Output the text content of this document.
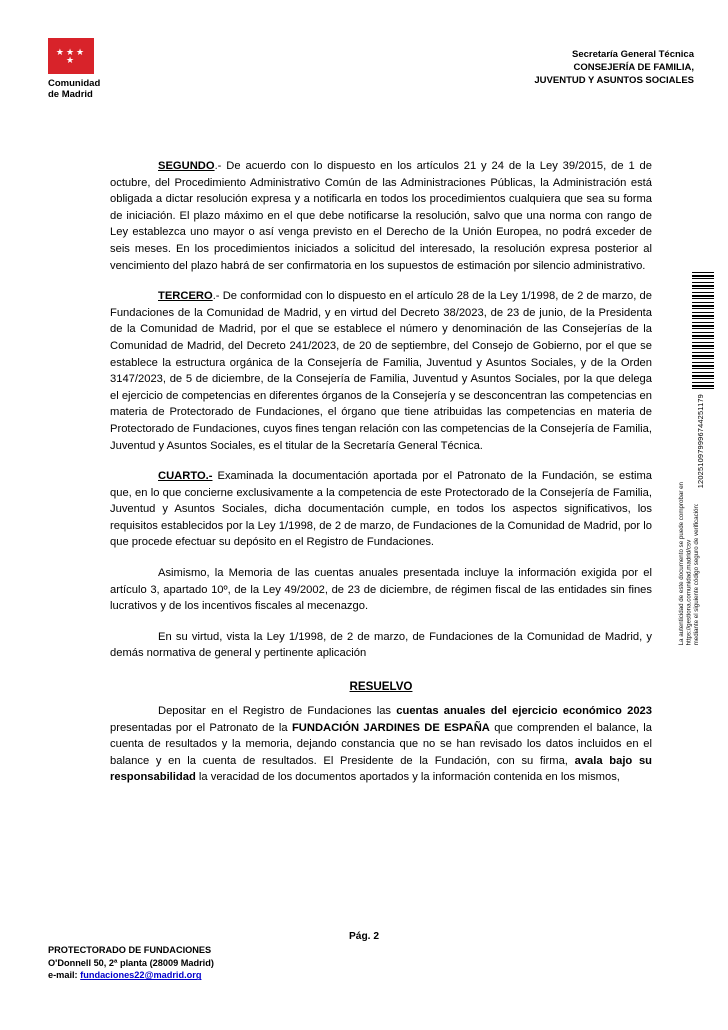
★★★
★
Comunidad
de Madrid
Secretaría General Técnica
CONSEJERÍA DE FAMILIA,
JUVENTUD Y ASUNTOS SOCIALES

SEGUNDO.- De acuerdo con lo dispuesto en los artículos 21 y 24 de la Ley 39/2015, de 1 de octubre, del Procedimiento Administrativo Común de las Administraciones Públicas, la Administración está obligada a dictar resolución expresa y a notificarla en todos los procedimientos cualquiera que sea su forma de iniciación. El plazo máximo en el que debe notificarse la resolución, salvo que una norma con rango de Ley establezca uno mayor o así venga previsto en el Derecho de la Unión Europea, no podrá exceder de seis meses. En los procedimientos iniciados a solicitud del interesado, la resolución expresa posterior al vencimiento del plazo habrá de ser confirmatoria en los supuestos de estimación por silencio administrativo.

TERCERO.- De conformidad con lo dispuesto en el artículo 28 de la Ley 1/1998, de 2 de marzo, de Fundaciones de la Comunidad de Madrid, y en virtud del Decreto 38/2023, de 23 de junio, de la Presidenta de la Comunidad de Madrid, por el que se establece el número y denominación de las Consejerías de la Comunidad de Madrid, del Decreto 241/2023, de 20 de septiembre, del Consejo de Gobierno, por el que se establece la estructura orgánica de la Consejería de Familia, Juventud y Asuntos Sociales, y de la Orden 3147/2023, de 5 de diciembre, de la Consejería de Familia, Juventud y Asuntos Sociales, por la que delega el ejercicio de competencias en diferentes órganos de la Consejería y se desconcentran las competencias en materia de Protectorado de Fundaciones, el órgano que tiene atribuidas las competencias en materia de Protectorado de Fundaciones, cuyos fines tengan relación con las competencias de la Consejería de Familia, Juventud y Asuntos Sociales, es el titular de la Secretaría General Técnica.

CUARTO.- Examinada la documentación aportada por el Patronato de la Fundación, se estima que, en lo que concierne exclusivamente a la competencia de este Protectorado de la Consejería de Familia, Juventud y Asuntos Sociales, dicha documentación cumple, en todos los aspectos significativos, los requisitos establecidos por la Ley 1/1998, de 2 de marzo, de Fundaciones de la Comunidad de Madrid, por lo que procede efectuar su depósito en el Registro de Fundaciones.

Asimismo, la Memoria de las cuentas anuales presentada incluye la información exigida por el artículo 3, apartado 10º, de la Ley 49/2002, de 23 de diciembre, de régimen fiscal de las entidades sin fines lucrativos y de los incentivos fiscales al mecenazgo.

En su virtud, vista la Ley 1/1998, de 2 de marzo, de Fundaciones de la Comunidad de Madrid, y demás normativa de general y pertinente aplicación

RESUELVO

Depositar en el Registro de Fundaciones las cuentas anuales del ejercicio económico 2023 presentadas por el Patronato de la FUNDACIÓN JARDINES DE ESPAÑA que comprenden el balance, la cuenta de resultados y la memoria, dejando constancia que no se han revisado los datos incluidos en el balance y en la cuenta de resultados. El Presidente de la Fundación, con su firma, avala bajo su responsabilidad la veracidad de los documentos aportados y la información contenida en los mismos,

1202510979996744251179
La autenticidad de este documento se puede comprobar en https://gestiona.comunidad.madrid/csv mediante el siguiente código seguro de verificación:
Pág. 2
PROTECTORADO DE FUNDACIONES
O'Donnell 50, 2ª planta (28009 Madrid)
e-mail: fundaciones22@madrid.org
